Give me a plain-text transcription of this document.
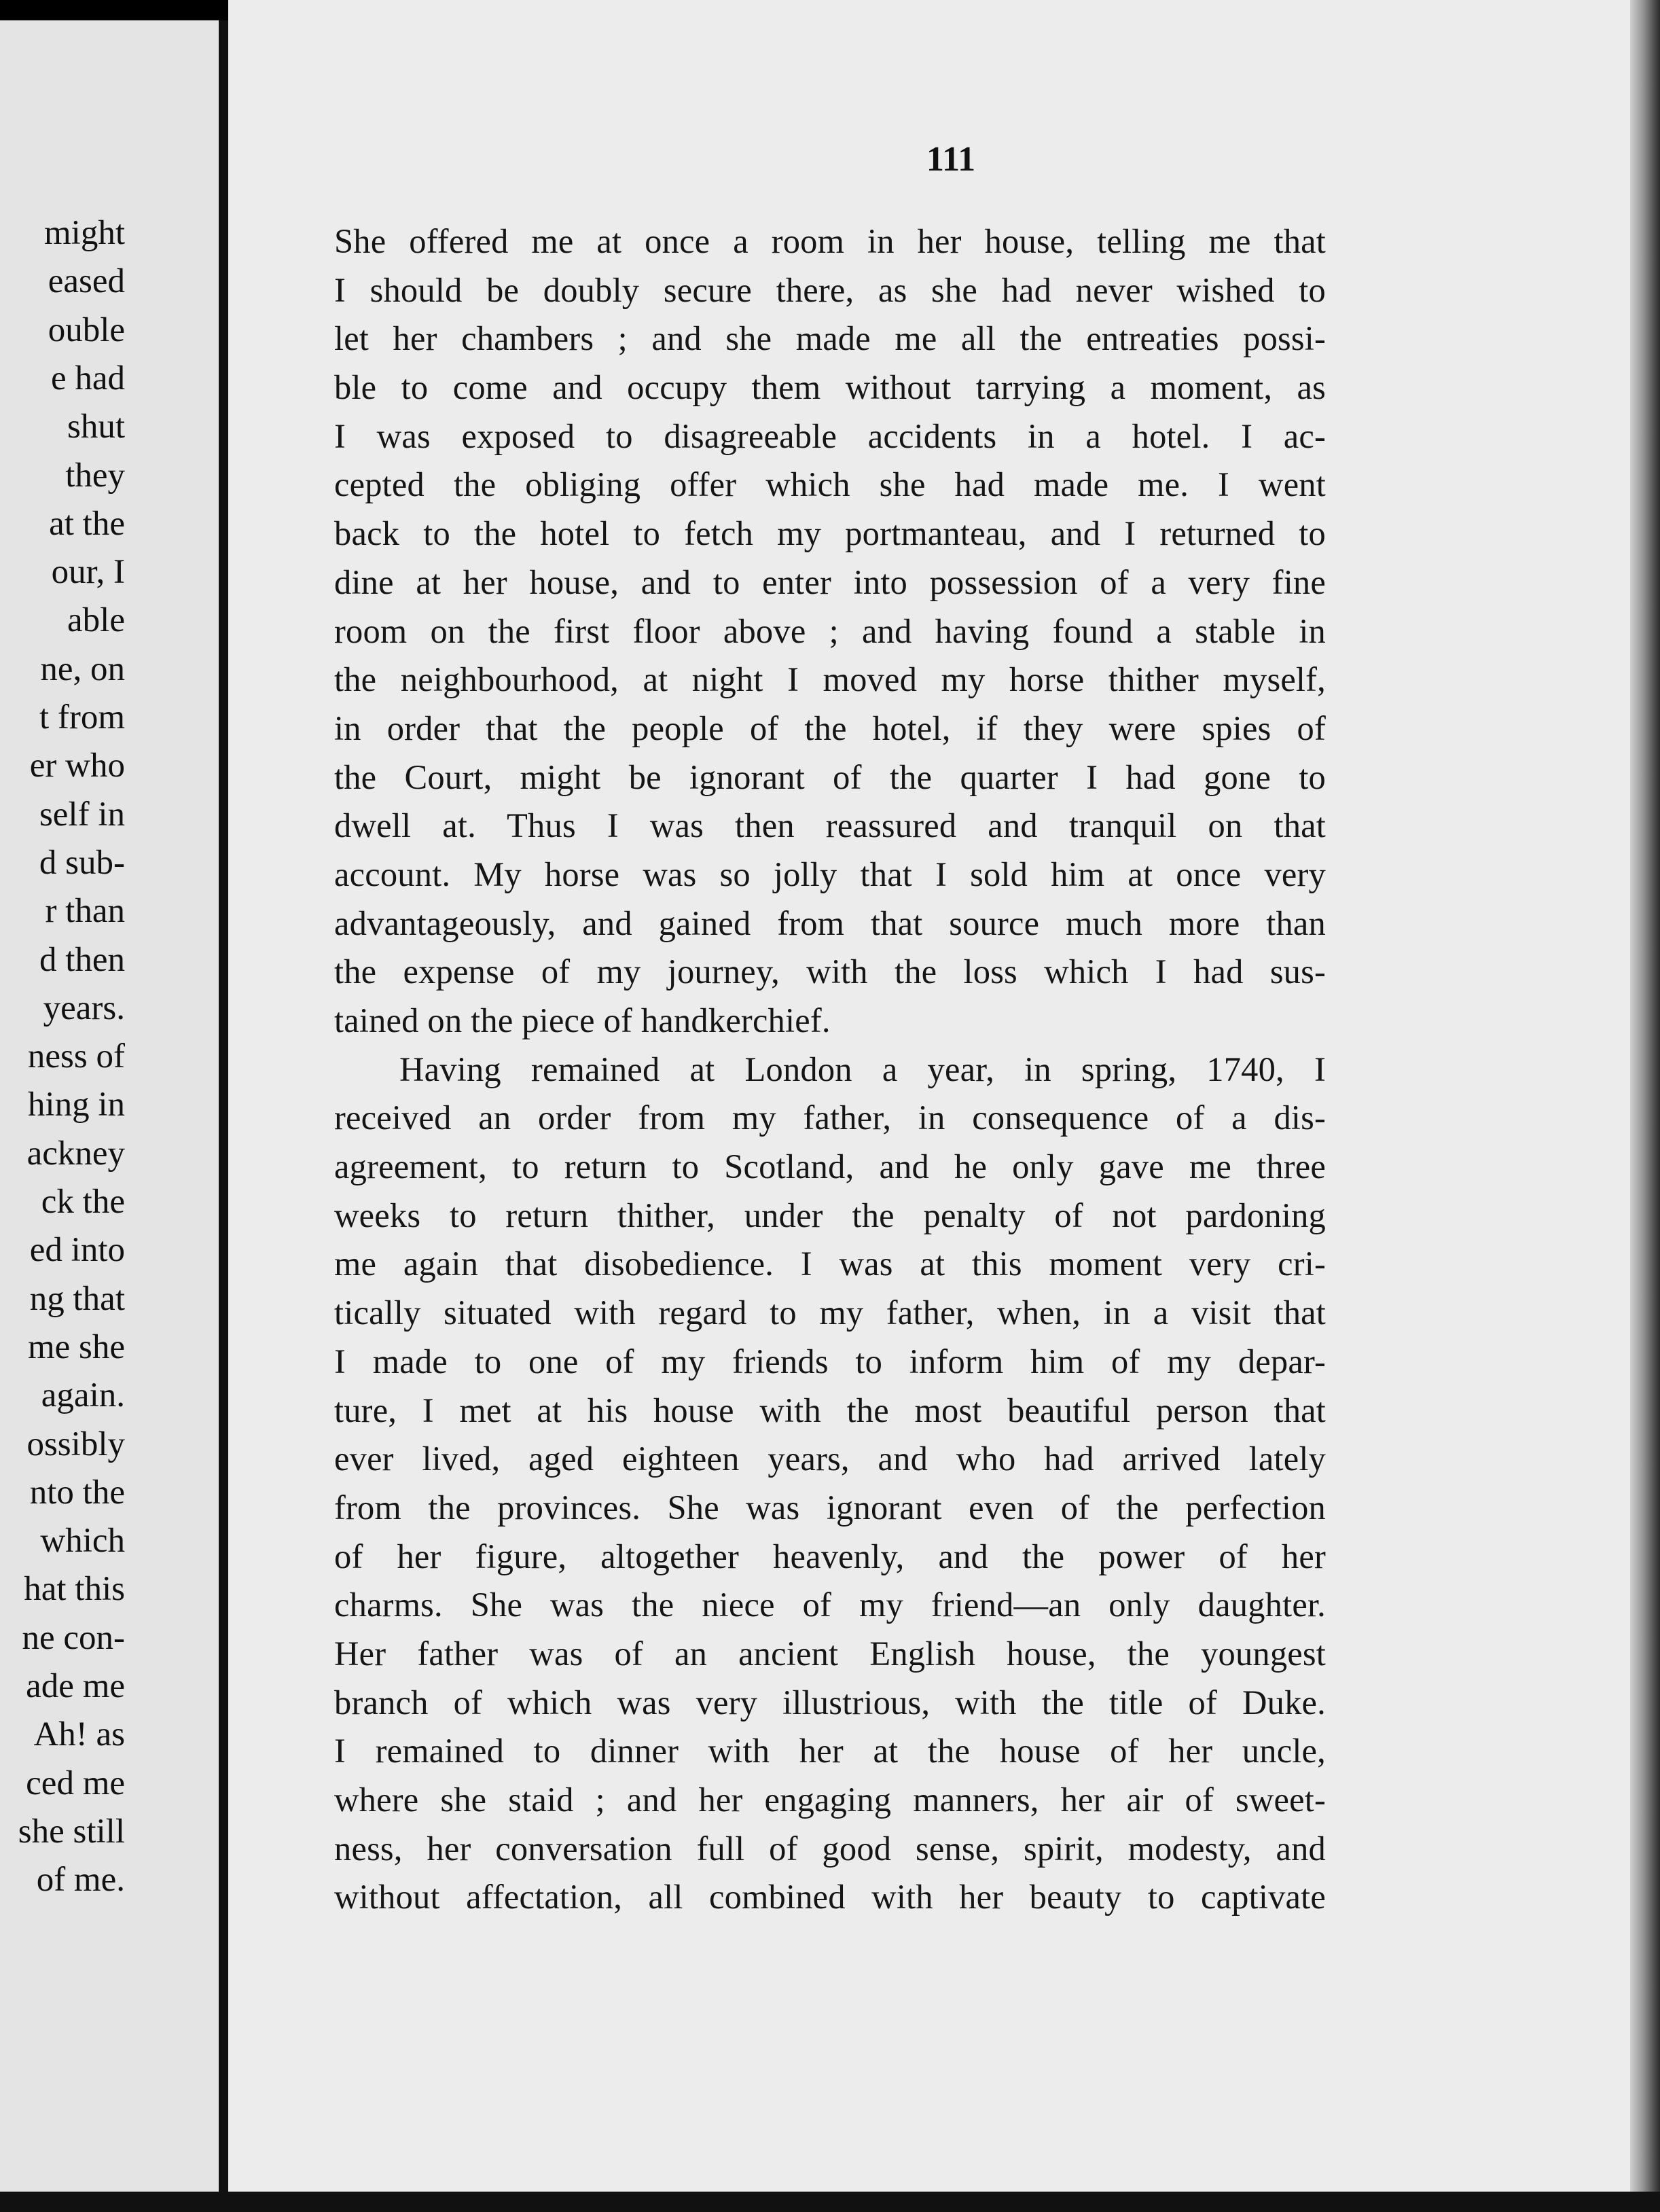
might
eased
ouble
e had
shut
they
at the
our, I
able
ne, on
t from
er who
self in
d sub-
r than
d then
years.
ness of
hing in
ackney
ck the
ed into
ng that
me she
again.
ossibly
nto the
which
hat this
ne con-
ade me
Ah! as
ced me
she still
of me.
111
She offered me at once a room in her house, telling me that
I should be doubly secure there, as she had never wished to
let her chambers ; and she made me all the entreaties possi-
ble to come and occupy them without tarrying a moment, as
I was exposed to disagreeable accidents in a hotel. I ac-
cepted the obliging offer which she had made me. I went
back to the hotel to fetch my portmanteau, and I returned to
dine at her house, and to enter into possession of a very fine
room on the first floor above ; and having found a stable in
the neighbourhood, at night I moved my horse thither myself,
in order that the people of the hotel, if they were spies of
the Court, might be ignorant of the quarter I had gone to
dwell at. Thus I was then reassured and tranquil on that
account. My horse was so jolly that I sold him at once very
advantageously, and gained from that source much more than
the expense of my journey, with the loss which I had sus-
tained on the piece of handkerchief.
Having remained at London a year, in spring, 1740, I
received an order from my father, in consequence of a dis-
agreement, to return to Scotland, and he only gave me three
weeks to return thither, under the penalty of not pardoning
me again that disobedience. I was at this moment very cri-
tically situated with regard to my father, when, in a visit that
I made to one of my friends to inform him of my depar-
ture, I met at his house with the most beautiful person that
ever lived, aged eighteen years, and who had arrived lately
from the provinces. She was ignorant even of the perfection
of her figure, altogether heavenly, and the power of her
charms. She was the niece of my friend—an only daughter.
Her father was of an ancient English house, the youngest
branch of which was very illustrious, with the title of Duke.
I remained to dinner with her at the house of her uncle,
where she staid ; and her engaging manners, her air of sweet-
ness, her conversation full of good sense, spirit, modesty, and
without affectation, all combined with her beauty to captivate
